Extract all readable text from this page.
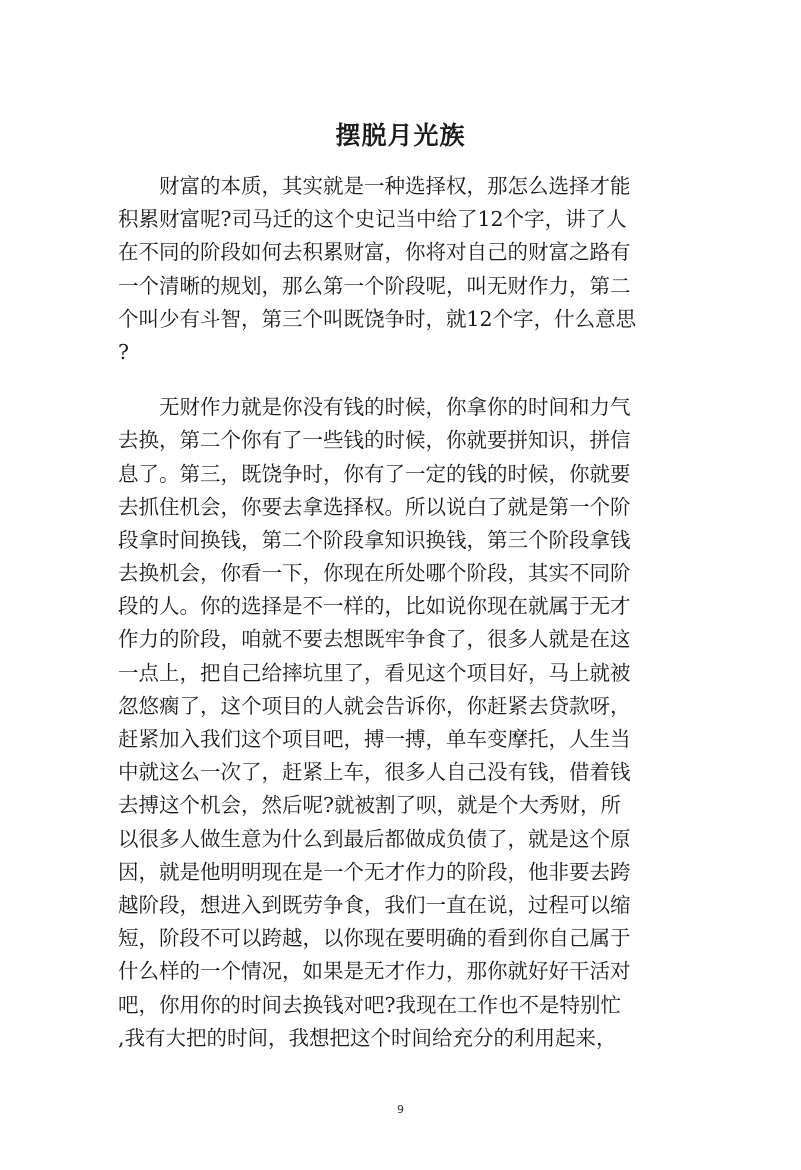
摆脱月光族
　　财富的本质，其实就是一种选择权，那怎么选择才能
积累财富呢?司马迁的这个史记当中给了12个字，讲了人
在不同的阶段如何去积累财富，你将对自己的财富之路有
一个清晰的规划，那么第一个阶段呢，叫无财作力，第二
个叫少有斗智，第三个叫既饶争时，就12个字，什么意思
?
　　无财作力就是你没有钱的时候，你拿你的时间和力气
去换，第二个你有了一些钱的时候，你就要拼知识，拼信
息了。第三，既饶争时，你有了一定的钱的时候，你就要
去抓住机会，你要去拿选择权。所以说白了就是第一个阶
段拿时间换钱，第二个阶段拿知识换钱，第三个阶段拿钱
去换机会，你看一下，你现在所处哪个阶段，其实不同阶
段的人。你的选择是不一样的，比如说你现在就属于无才
作力的阶段，咱就不要去想既牢争食了，很多人就是在这
一点上，把自己给摔坑里了，看见这个项目好，马上就被
忽悠瘸了，这个项目的人就会告诉你，你赶紧去贷款呀，
赶紧加入我们这个项目吧，搏一搏，单车变摩托，人生当
中就这么一次了，赶紧上车，很多人自己没有钱，借着钱
去搏这个机会，然后呢?就被割了呗，就是个大秀财，所
以很多人做生意为什么到最后都做成负债了，就是这个原
因，就是他明明现在是一个无才作力的阶段，他非要去跨
越阶段，想进入到既劳争食，我们一直在说，过程可以缩
短，阶段不可以跨越，以你现在要明确的看到你自己属于
什么样的一个情况，如果是无才作力，那你就好好干活对
吧，你用你的时间去换钱对吧?我现在工作也不是特别忙
,我有大把的时间，我想把这个时间给充分的利用起来，
9
